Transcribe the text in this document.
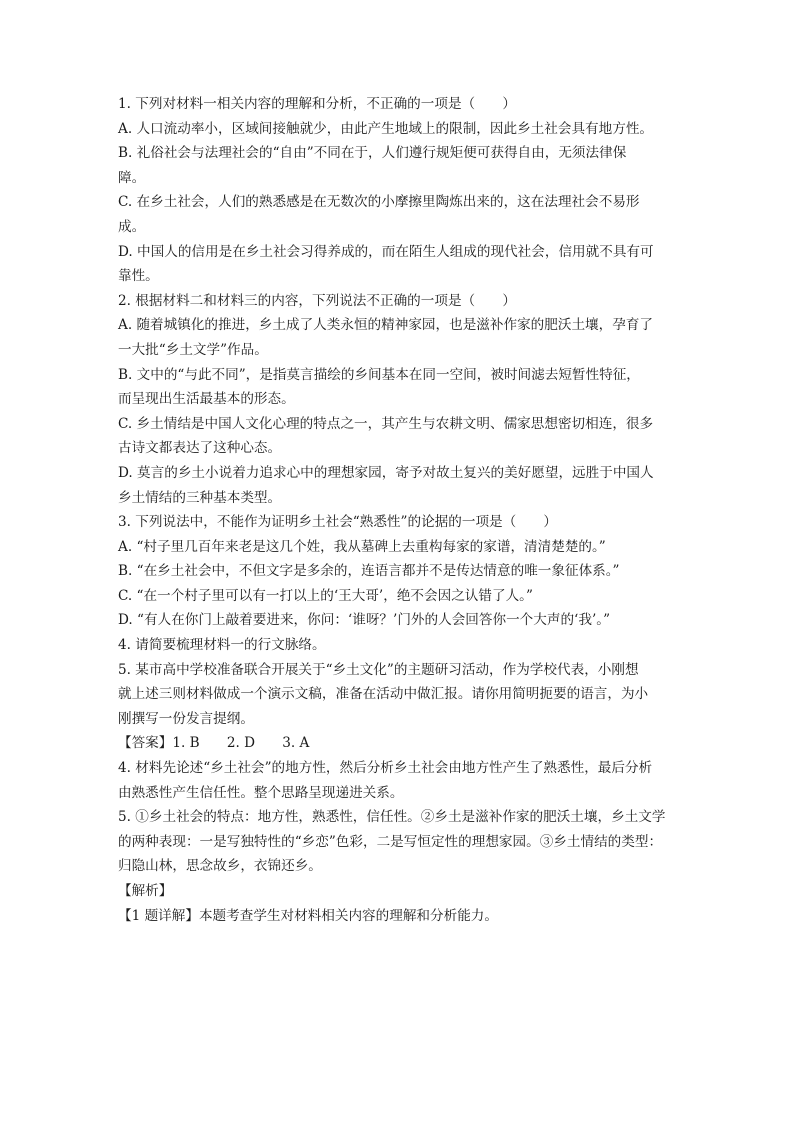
1. 下列对材料一相关内容的理解和分析，不正确的一项是（　　）
A. 人口流动率小，区域间接触就少，由此产生地域上的限制，因此乡土社会具有地方性。
B. 礼俗社会与法理社会的“自由”不同在于，人们遵行规矩便可获得自由，无须法律保
障。
C. 在乡土社会，人们的熟悉感是在无数次的小摩擦里陶炼出来的，这在法理社会不易形
成。
D. 中国人的信用是在乡土社会习得养成的，而在陌生人组成的现代社会，信用就不具有可
靠性。
2. 根据材料二和材料三的内容，下列说法不正确的一项是（　　）
A. 随着城镇化的推进，乡土成了人类永恒的精神家园，也是滋补作家的肥沃土壤，孕育了
一大批“乡土文学”作品。
B. 文中的“与此不同”，是指莫言描绘的乡间基本在同一空间，被时间滤去短暂性特征，
而呈现出生活最基本的形态。
C. 乡土情结是中国人文化心理的特点之一，其产生与农耕文明、儒家思想密切相连，很多
古诗文都表达了这种心态。
D. 莫言的乡土小说着力追求心中的理想家园，寄予对故土复兴的美好愿望，远胜于中国人
乡土情结的三种基本类型。
3. 下列说法中，不能作为证明乡土社会“熟悉性”的论据的一项是（　　）
A. “村子里几百年来老是这几个姓，我从墓碑上去重构每家的家谱，清清楚楚的。”
B. “在乡土社会中，不但文字是多余的，连语言都并不是传达情意的唯一象征体系。”
C. “在一个村子里可以有一打以上的‘王大哥’，绝不会因之认错了人。”
D. “有人在你门上敲着要进来，你问：‘谁呀？’门外的人会回答你一个大声的‘我’。”
4. 请简要梳理材料一的行文脉络。
5. 某市高中学校准备联合开展关于“乡土文化”的主题研习活动，作为学校代表，小刚想
就上述三则材料做成一个演示文稿，准备在活动中做汇报。请你用简明扼要的语言，为小
刚撰写一份发言提纲。
【答案】1. B　　2. D　　3. A
4. 材料先论述“乡土社会”的地方性，然后分析乡土社会由地方性产生了熟悉性，最后分析
由熟悉性产生信任性。整个思路呈现递进关系。
5. ①乡土社会的特点：地方性，熟悉性，信任性。②乡土是滋补作家的肥沃土壤，乡土文学
的两种表现：一是写独特性的“乡恋”色彩，二是写恒定性的理想家园。③乡土情结的类型：
归隐山林，思念故乡，衣锦还乡。
【解析】
【1 题详解】本题考查学生对材料相关内容的理解和分析能力。
